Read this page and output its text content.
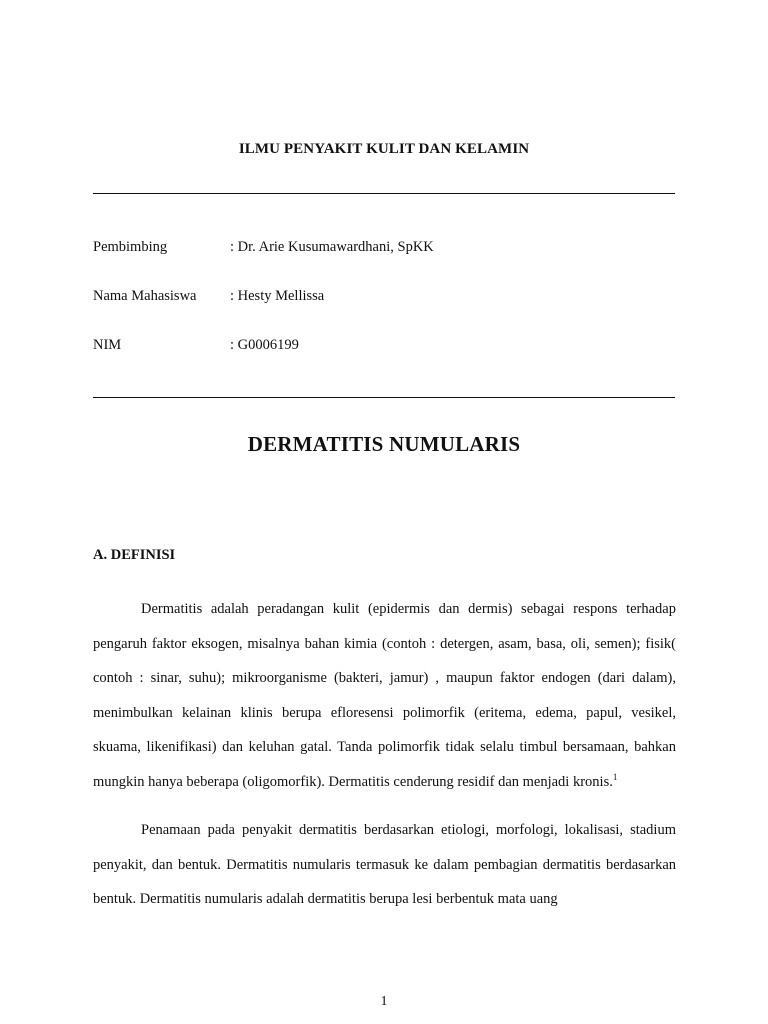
ILMU PENYAKIT KULIT DAN KELAMIN
Pembimbing	: Dr. Arie Kusumawardhani, SpKK
Nama Mahasiswa : Hesty Mellissa
NIM	: G0006199
DERMATITIS NUMULARIS
A. DEFINISI

Dermatitis adalah peradangan kulit (epidermis dan dermis) sebagai respons terhadap pengaruh faktor eksogen, misalnya bahan kimia (contoh : detergen, asam, basa, oli, semen); fisik( contoh : sinar, suhu); mikroorganisme (bakteri, jamur) , maupun faktor endogen (dari dalam), menimbulkan kelainan klinis berupa efloresensi polimorfik (eritema, edema, papul, vesikel, skuama, likenifikasi) dan keluhan gatal. Tanda polimorfik tidak selalu timbul bersamaan, bahkan mungkin hanya beberapa (oligomorfik). Dermatitis cenderung residif dan menjadi kronis.$^1$

Penamaan pada penyakit dermatitis berdasarkan etiologi, morfologi, lokalisasi, stadium penyakit, dan bentuk. Dermatitis numularis termasuk ke dalam pembagian dermatitis berdasarkan bentuk. Dermatitis numularis adalah dermatitis berupa lesi berbentuk mata uang

1
